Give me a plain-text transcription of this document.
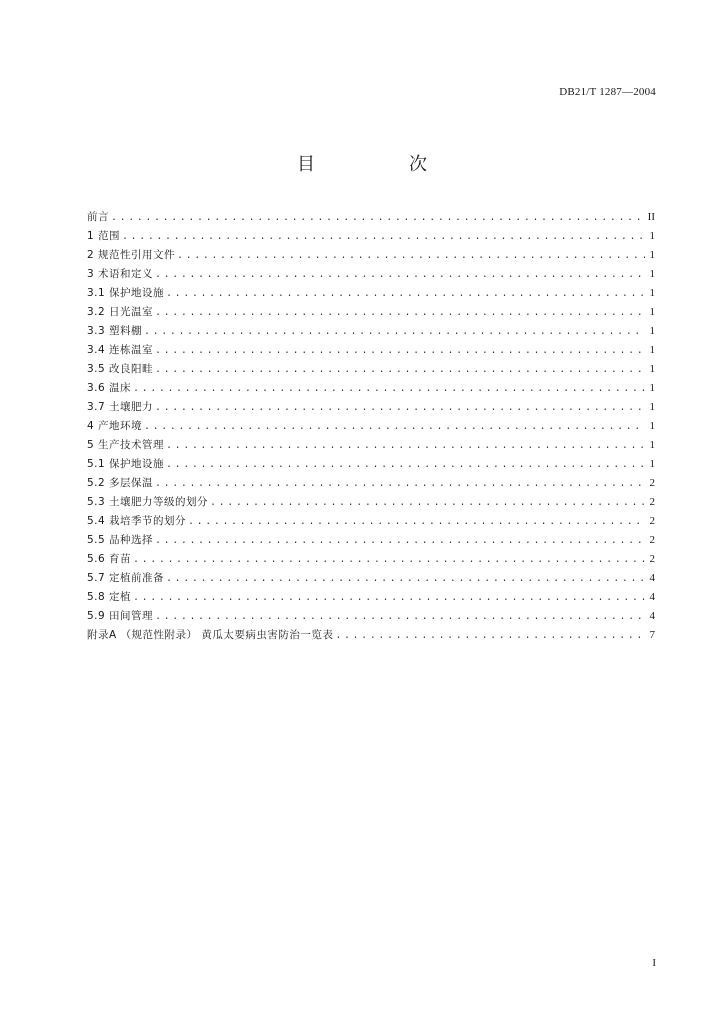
DB21/T 1287—2004
目　次
前言 .....	II
1 范围 .....	1
2 规范性引用文件 .....	1
3 术语和定义 .....	1
3.1 保护地设施 .....	1
3.2 日光温室 .....	1
3.3 塑料棚 .....	1
3.4 连栋温室 .....	1
3.5 改良阳畦 .....	1
3.6 温床 .....	1
3.7 土壤肥力 .....	1
4 产地环境 .....	1
5 生产技术管理 .....	1
5.1 保护地设施 .....	1
5.2 多层保温 .....	2
5.3 土壤肥力等级的划分 .....	2
5.4 栽培季节的划分 .....	2
5.5 品种选择 .....	2
5.6 育苗 .....	2
5.7 定植前准备 .....	4
5.8 定植 .....	4
5.9 田间管理 .....	4
附录A （规范性附录） 黄瓜太要病虫害防治一览表 .....	7
I
